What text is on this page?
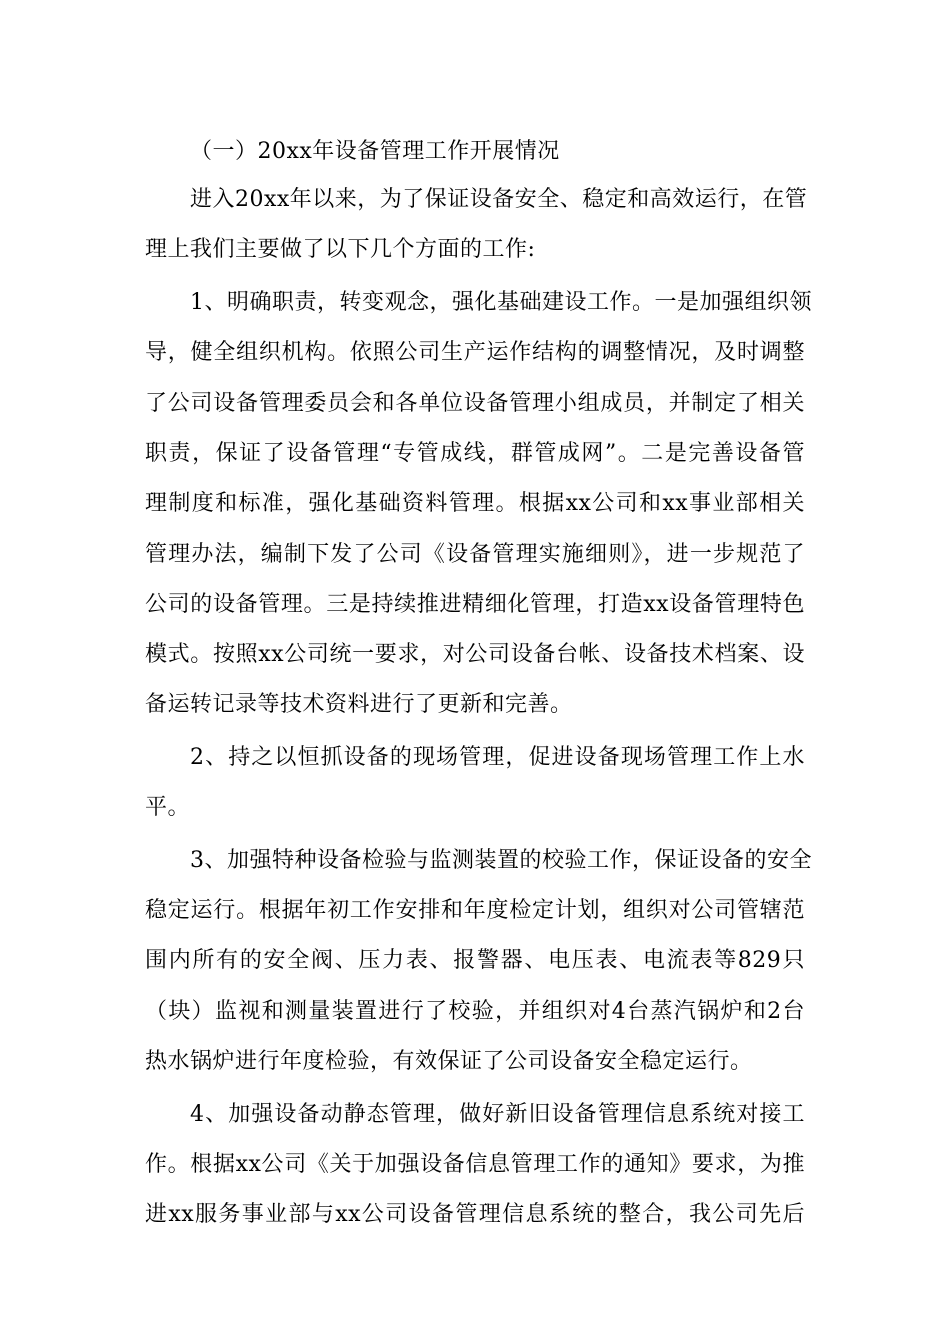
（一）20xx年设备管理工作开展情况
进入20xx年以来，为了保证设备安全、稳定和高效运行，在管
理上我们主要做了以下几个方面的工作:
1、明确职责，转变观念，强化基础建设工作。一是加强组织领
导，健全组织机构。依照公司生产运作结构的调整情况，及时调整
了公司设备管理委员会和各单位设备管理小组成员，并制定了相关
职责，保证了设备管理“专管成线，群管成网”。二是完善设备管
理制度和标准，强化基础资料管理。根据xx公司和xx事业部相关
管理办法，编制下发了公司《设备管理实施细则》，进一步规范了
公司的设备管理。三是持续推进精细化管理，打造xx设备管理特色
模式。按照xx公司统一要求，对公司设备台帐、设备技术档案、设
备运转记录等技术资料进行了更新和完善。
2、持之以恒抓设备的现场管理，促进设备现场管理工作上水
平。
3、加强特种设备检验与监测装置的校验工作，保证设备的安全
稳定运行。根据年初工作安排和年度检定计划，组织对公司管辖范
围内所有的安全阀、压力表、报警器、电压表、电流表等829只
（块）监视和测量装置进行了校验，并组织对4台蒸汽锅炉和2台
热水锅炉进行年度检验，有效保证了公司设备安全稳定运行。
4、加强设备动静态管理，做好新旧设备管理信息系统对接工
作。根据xx公司《关于加强设备信息管理工作的通知》要求，为推
进xx服务事业部与xx公司设备管理信息系统的整合，我公司先后
